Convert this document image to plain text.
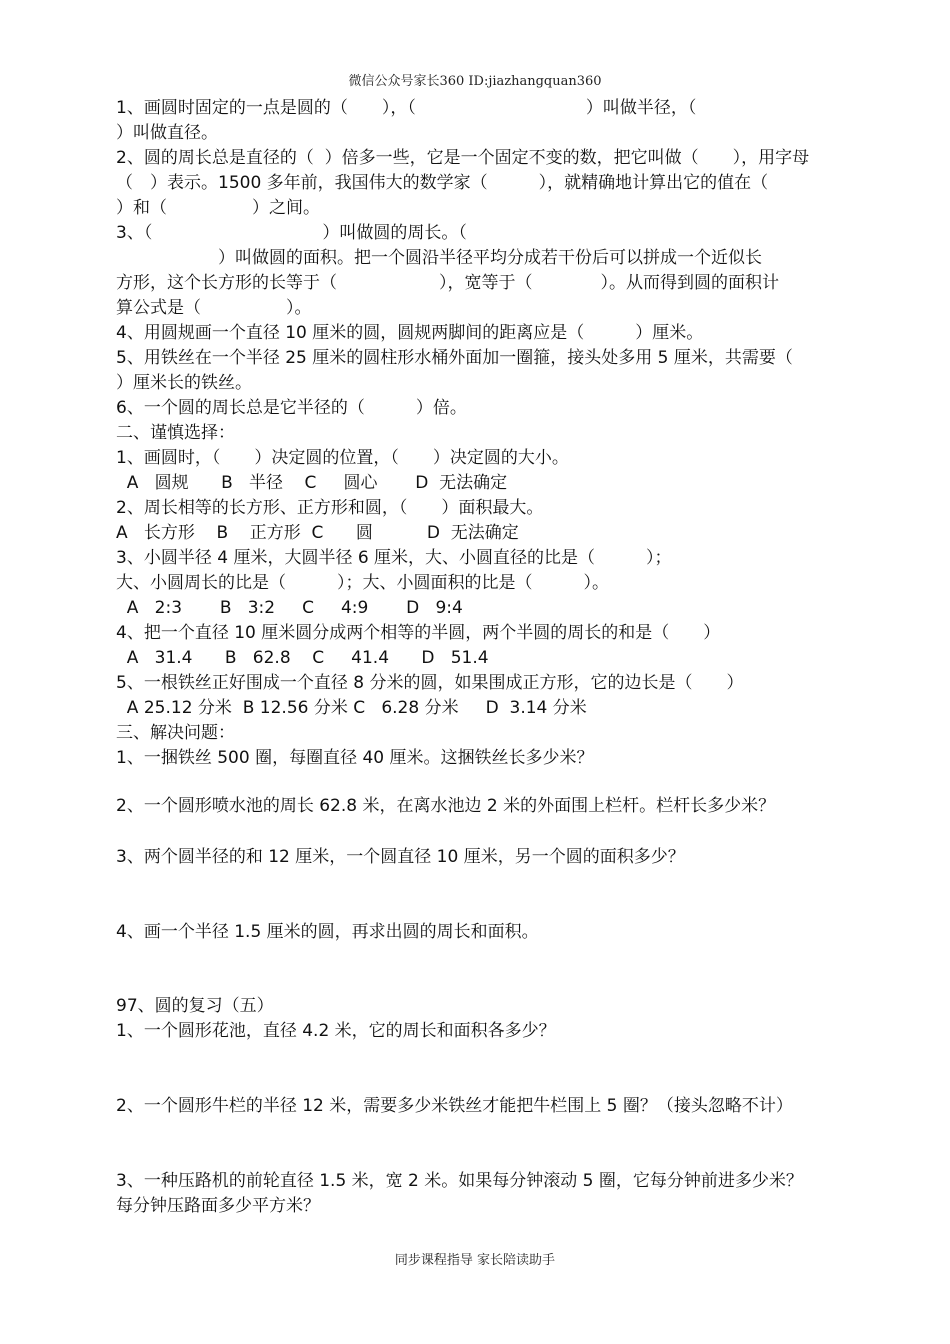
微信公众号家长360 ID:jiazhangquan360
1、画圆时固定的一点是圆的（　　），（　　　　　　　　　　）叫做半径，（
）叫做直径。
2、圆的周长总是直径的（  ）倍多一些，它是一个固定不变的数，把它叫做（　　），用字母
（　）表示。1500 多年前，我国伟大的数学家（　　　），就精确地计算出它的值在（
）和（　　　　　）之间。
3、（　　　　　　　　　　）叫做圆的周长。（
　　　　　　）叫做圆的面积。把一个圆沿半径平均分成若干份后可以拼成一个近似长
方形，这个长方形的长等于（　　　　　　），宽等于（　　　　）。从而得到圆的面积计
算公式是（　　　　　）。
4、用圆规画一个直径 10 厘米的圆，圆规两脚间的距离应是（　　　）厘米。
5、用铁丝在一个半径 25 厘米的圆柱形水桶外面加一圈箍，接头处多用 5 厘米，共需要（
）厘米长的铁丝。
6、一个圆的周长总是它半径的（　　　）倍。
二、谨慎选择：
1、画圆时，（　　）决定圆的位置，（　　）决定圆的大小。
A   圆规      B   半径    C     圆心       D  无法确定
2、周长相等的长方形、正方形和圆，（　　）面积最大。
A   长方形    B    正方形  C      圆          D  无法确定
3、小圆半径 4 厘米，大圆半径 6 厘米，大、小圆直径的比是（　　　）；
大、小圆周长的比是（　　　）；大、小圆面积的比是（　　　）。
A   2:3       B   3:2     C     4:9       D   9:4
4、把一个直径 10 厘米圆分成两个相等的半圆，两个半圆的周长的和是（　　）
A   31.4      B   62.8    C     41.4      D   51.4
5、一根铁丝正好围成一个直径 8 分米的圆，如果围成正方形，它的边长是（　　）
A 25.12 分米  B 12.56 分米 C   6.28 分米     D  3.14 分米
三、解决问题：
1、一捆铁丝 500 圈，每圈直径 40 厘米。这捆铁丝长多少米？
2、一个圆形喷水池的周长 62.8 米，在离水池边 2 米的外面围上栏杆。栏杆长多少米？
3、两个圆半径的和 12 厘米，一个圆直径 10 厘米，另一个圆的面积多少？
4、画一个半径 1.5 厘米的圆，再求出圆的周长和面积。
97、圆的复习（五）
1、一个圆形花池，直径 4.2 米，它的周长和面积各多少？
2、一个圆形牛栏的半径 12 米，需要多少米铁丝才能把牛栏围上 5 圈？（接头忽略不计）
3、一种压路机的前轮直径 1.5 米，宽 2 米。如果每分钟滚动 5 圈，它每分钟前进多少米？
每分钟压路面多少平方米？
同步课程指导 家长陪读助手
